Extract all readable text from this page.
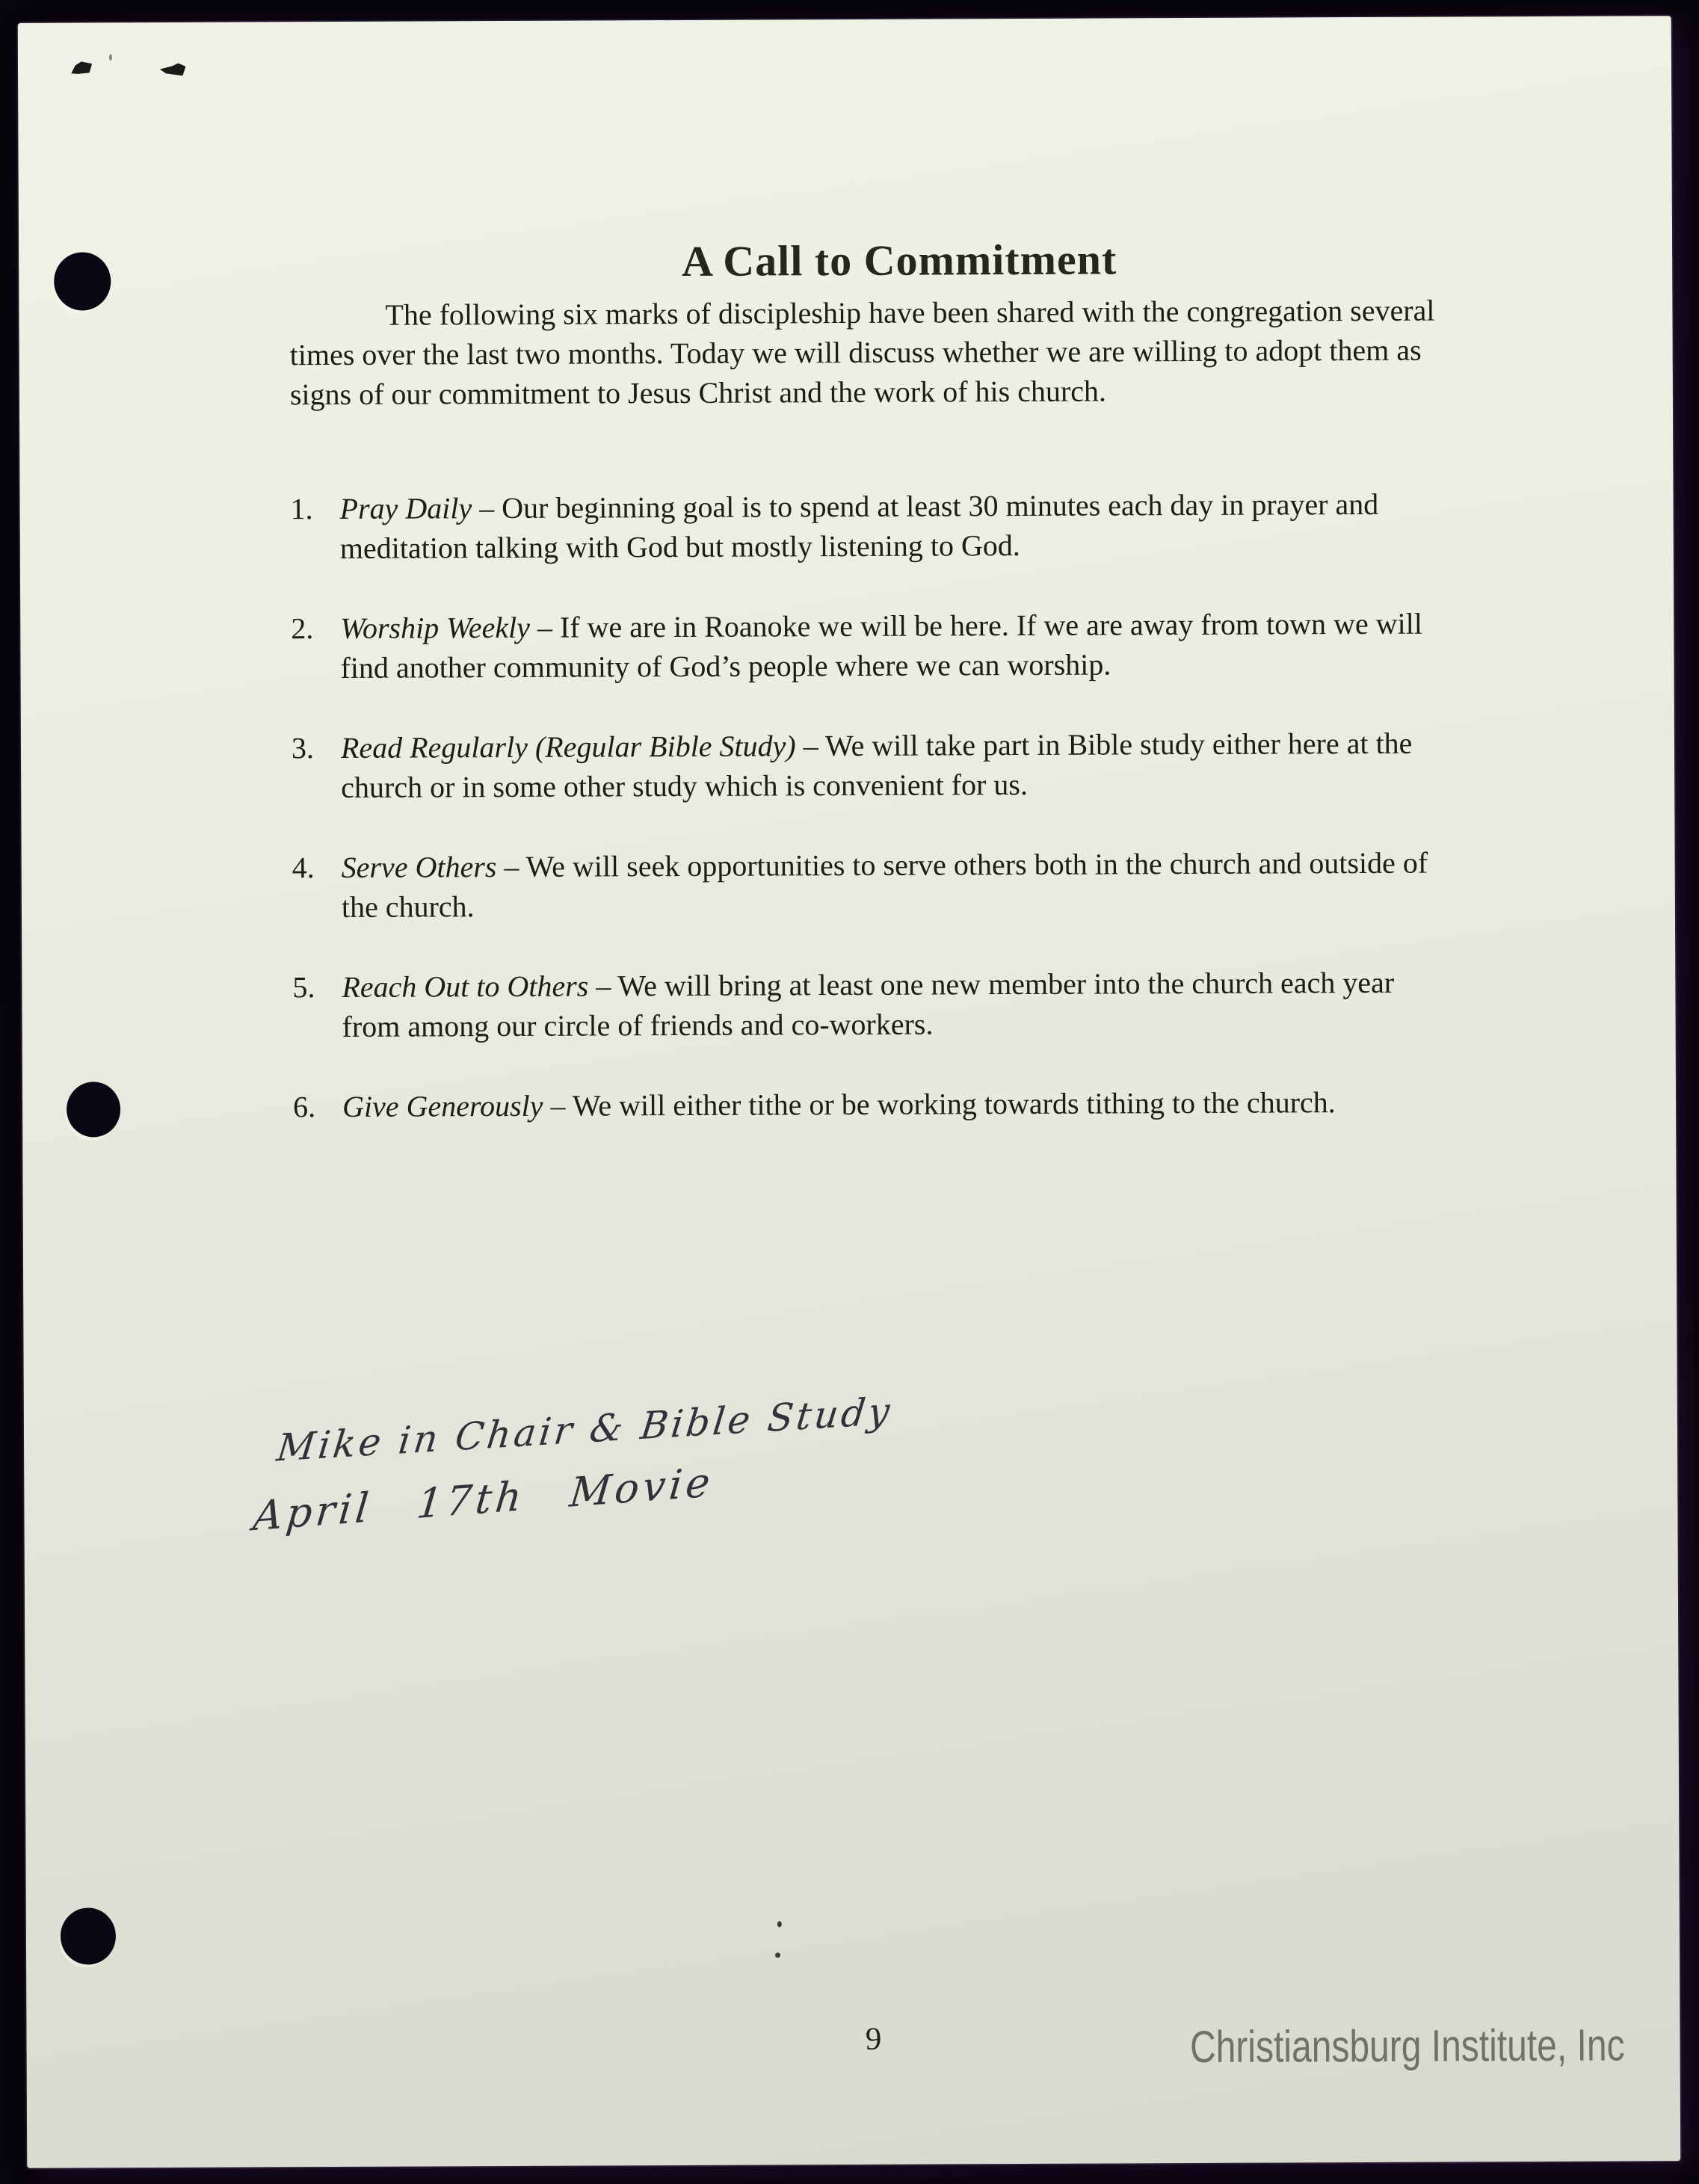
A Call to Commitment

The following six marks of discipleship have been shared with the congregation several times over the last two months. Today we will discuss whether we are willing to adopt them as signs of our commitment to Jesus Christ and the work of his church.

1. Pray Daily – Our beginning goal is to spend at least 30 minutes each day in prayer and meditation talking with God but mostly listening to God.
2. Worship Weekly – If we are in Roanoke we will be here. If we are away from town we will find another community of God’s people where we can worship.
3. Read Regularly (Regular Bible Study) – We will take part in Bible study either here at the church or in some other study which is convenient for us.
4. Serve Others – We will seek opportunities to serve others both in the church and outside of the church.
5. Reach Out to Others – We will bring at least one new member into the church each year from among our circle of friends and co-workers.
6. Give Generously – We will either tithe or be working towards tithing to the church.
Mike in Chair & Bible Study
April 17th Movie
9	Christiansburg Institute, Inc
